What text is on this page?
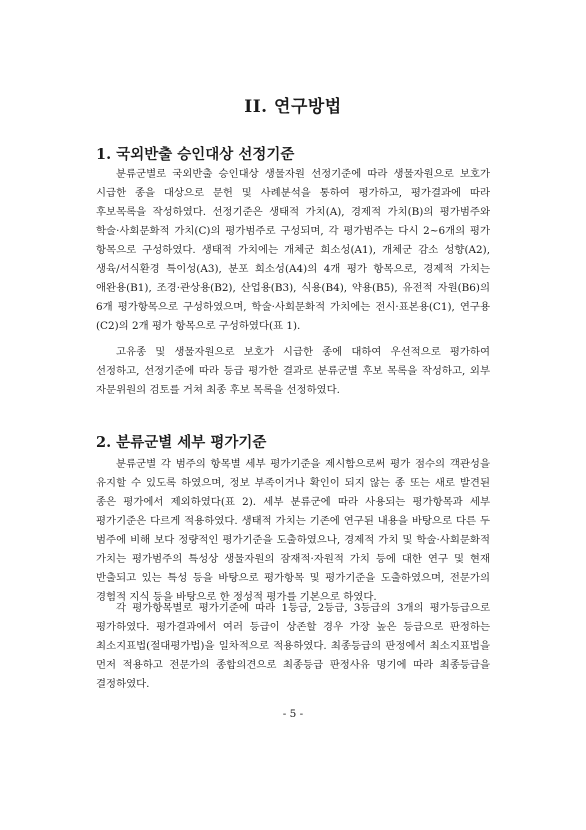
II. 연구방법
1. 국외반출 승인대상 선정기준

분류군별로 국외반출 승인대상 생물자원 선정기준에 따라 생물자원으로 보호가 시급한 종을 대상으로 문헌 및 사례분석을 통하여 평가하고, 평가결과에 따라 후보목록을 작성하였다. 선정기준은 생태적 가치(A), 경제적 가치(B)의 평가범주와 학술·사회문화적 가치(C)의 평가범주로 구성되며, 각 평가범주는 다시 2~6개의 평가 항목으로 구성하였다. 생태적 가치에는 개체군 희소성(A1), 개체군 감소 성향(A2), 생육/서식환경 특이성(A3), 분포 희소성(A4)의 4개 평가 항목으로, 경제적 가치는 애완용(B1), 조경·관상용(B2), 산업용(B3), 식용(B4), 약용(B5), 유전적 자원(B6)의 6개 평가항목으로 구성하였으며, 학술·사회문화적 가치에는 전시·표본용(C1), 연구용(C2)의 2개 평가 항목으로 구성하였다(표 1).

고유종 및 생물자원으로 보호가 시급한 종에 대하여 우선적으로 평가하여 선정하고, 선정기준에 따라 등급 평가한 결과로 분류군별 후보 목록을 작성하고, 외부 자문위원의 검토를 거쳐 최종 후보 목록을 선정하였다.

2. 분류군별 세부 평가기준

분류군별 각 범주의 항목별 세부 평가기준을 제시함으로써 평가 점수의 객관성을 유지할 수 있도록 하였으며, 정보 부족이거나 확인이 되지 않는 종 또는 새로 발견된 종은 평가에서 제외하였다(표 2). 세부 분류군에 따라 사용되는 평가항목과 세부 평가기준은 다르게 적용하였다. 생태적 가치는 기존에 연구된 내용을 바탕으로 다른 두 범주에 비해 보다 정량적인 평가기준을 도출하였으나, 경제적 가치 및 학술·사회문화적 가치는 평가범주의 특성상 생물자원의 잠재적·자원적 가치 등에 대한 연구 및 현재 반출되고 있는 특성 등을 바탕으로 평가항목 및 평가기준을 도출하였으며, 전문가의 경험적 지식 등을 바탕으로 한 정성적 평가를 기본으로 하였다.

각 평가항목별로 평가기준에 따라 1등급, 2등급, 3등급의 3개의 평가등급으로 평가하였다. 평가결과에서 여러 등급이 상존할 경우 가장 높은 등급으로 판정하는 최소지표법(절대평가법)을 일차적으로 적용하였다. 최종등급의 판정에서 최소지표법을 먼저 적용하고 전문가의 종합의견으로 최종등급 판정사유 명기에 따라 최종등급을 결정하였다.

- 5 -
